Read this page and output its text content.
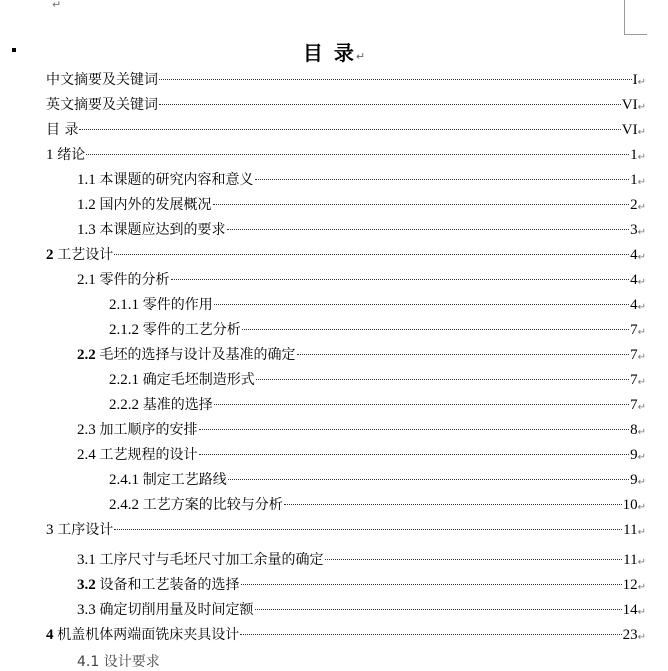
↵
目 录↵
中文摘要及关键词	I ↵
英文摘要及关键词	VI ↵
目 录	VI ↵
1 绪论	1 ↵
1.1 本课题的研究内容和意义	1 ↵
1.2 国内外的发展概况	2 ↵
1.3 本课题应达到的要求	3 ↵
2 工艺设计	4 ↵
2.1 零件的分析	4 ↵
2.1.1 零件的作用	4 ↵
2.1.2 零件的工艺分析	7 ↵
2.2 毛坯的选择与设计及基准的确定	7 ↵
2.2.1 确定毛坯制造形式	7 ↵
2.2.2 基准的选择	7 ↵
2.3 加工顺序的安排	8 ↵
2.4 工艺规程的设计	9 ↵
2.4.1 制定工艺路线	9 ↵
2.4.2 工艺方案的比较与分析	10 ↵
3 工序设计	11 ↵
3.1 工序尺寸与毛坯尺寸加工余量的确定	11 ↵
3.2 设备和工艺装备的选择	12 ↵
3.3 确定切削用量及时间定额	14 ↵
4 机盖机体两端面铣床夹具设计	23 ↵
4.1 设计要求
